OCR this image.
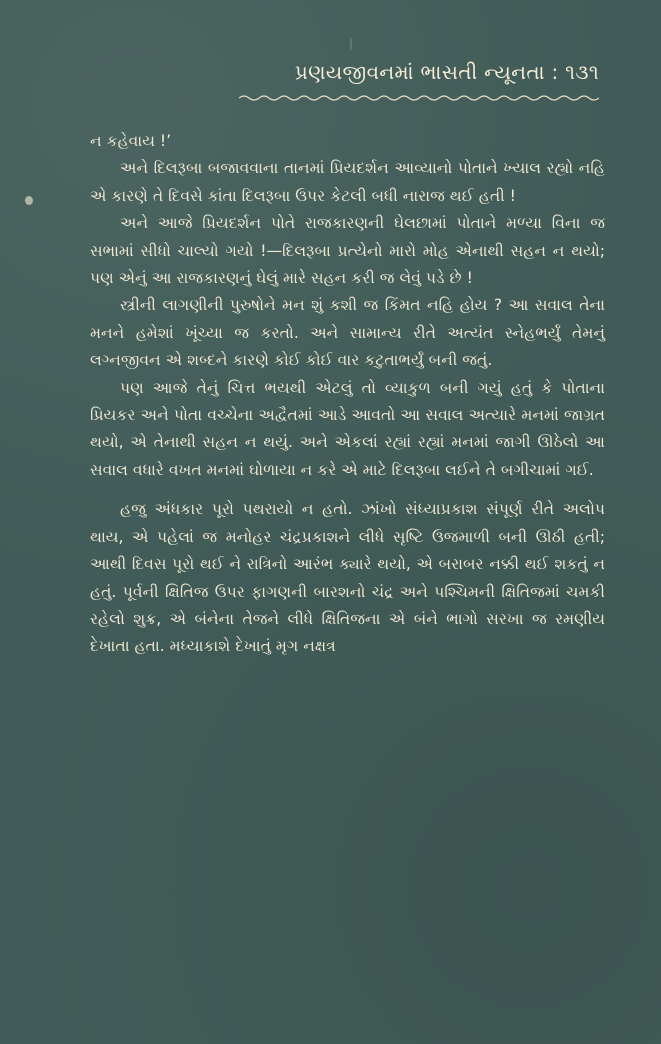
પ્રણયજીવનમાં ભાસતી ન્યૂનતા : ૧૩૧

ન કહેવાય !’

અને દિલરૂબા બજાવવાના તાનમાં પ્રિયદર્શન આવ્યાનો પોતાને ખ્યાલ રહ્યો નહિ એ કારણે તે દિવસે કાંતા દિલરૂબા ઉપર કેટલી બધી નારાજ થઈ હતી !

અને આજે પ્રિયદર્શન પોતે રાજકારણની ઘેલછામાં પોતાને મળ્યા વિના જ સભામાં સીધો ચાલ્યો ગયો !—દિલરૂબા પ્રત્યેનો મારો મોહ એનાથી સહન ન થયો; પણ એનું આ રાજકારણનું ઘેલું મારે સહન કરી જ લેવું પડે છે !

સ્ત્રીની લાગણીની પુરુષોને મન શું કશી જ કિંમત નહિ હોય ? આ સવાલ તેના મનને હમેશાં ખૂંચ્યા જ કરતો. અને સામાન્ય રીતે અત્યંત સ્નેહભર્યું તેમનું લગ્નજીવન એ શબ્દને કારણે કોઈ કોઈ વાર કટુતાભર્યું બની જતું.

પણ આજે તેનું ચિત્ત ભયથી એટલું તો વ્યાકુળ બની ગયું હતું કે પોતાના પ્રિયકર અને પોતા વચ્ચેના અદ્વૈતમાં આડે આવતો આ સવાલ અત્યારે મનમાં જાગ્રત થયો, એ તેનાથી સહન ન થયું. અને એકલાં રહ્યાં રહ્યાં મનમાં જાગી ઊઠેલો આ સવાલ વધારે વખત મનમાં ઘોળાયા ન કરે એ માટે દિલરૂબા લઈને તે બગીચામાં ગઈ.

હજુ અંધકાર પૂરો પથરાયો ન હતો. ઝાંખો સંધ્યાપ્રકાશ સંપૂર્ણ રીતે અલોપ થાય, એ પહેલાં જ મનોહર ચંદ્રપ્રકાશને લીધે સૃષ્ટિ ઉજમાળી બની ઊઠી હતી; આથી દિવસ પૂરો થઈ ને રાત્રિનો આરંભ ક્યારે થયો, એ બરાબર નક્કી થઈ શકતું ન હતું. પૂર્વની ક્ષિતિજ ઉપર ફાગણની બારશનો ચંદ્ર અને પશ્ચિમની ક્ષિતિજમાં ચમકી રહેલો શુક્ર, એ બંનેના તેજને લીધે ક્ષિતિજના એ બંને ભાગો સરખા જ રમણીય દેખાતા હતા. મધ્યાકાશે દેખાતું મૃગ નક્ષત્ર
